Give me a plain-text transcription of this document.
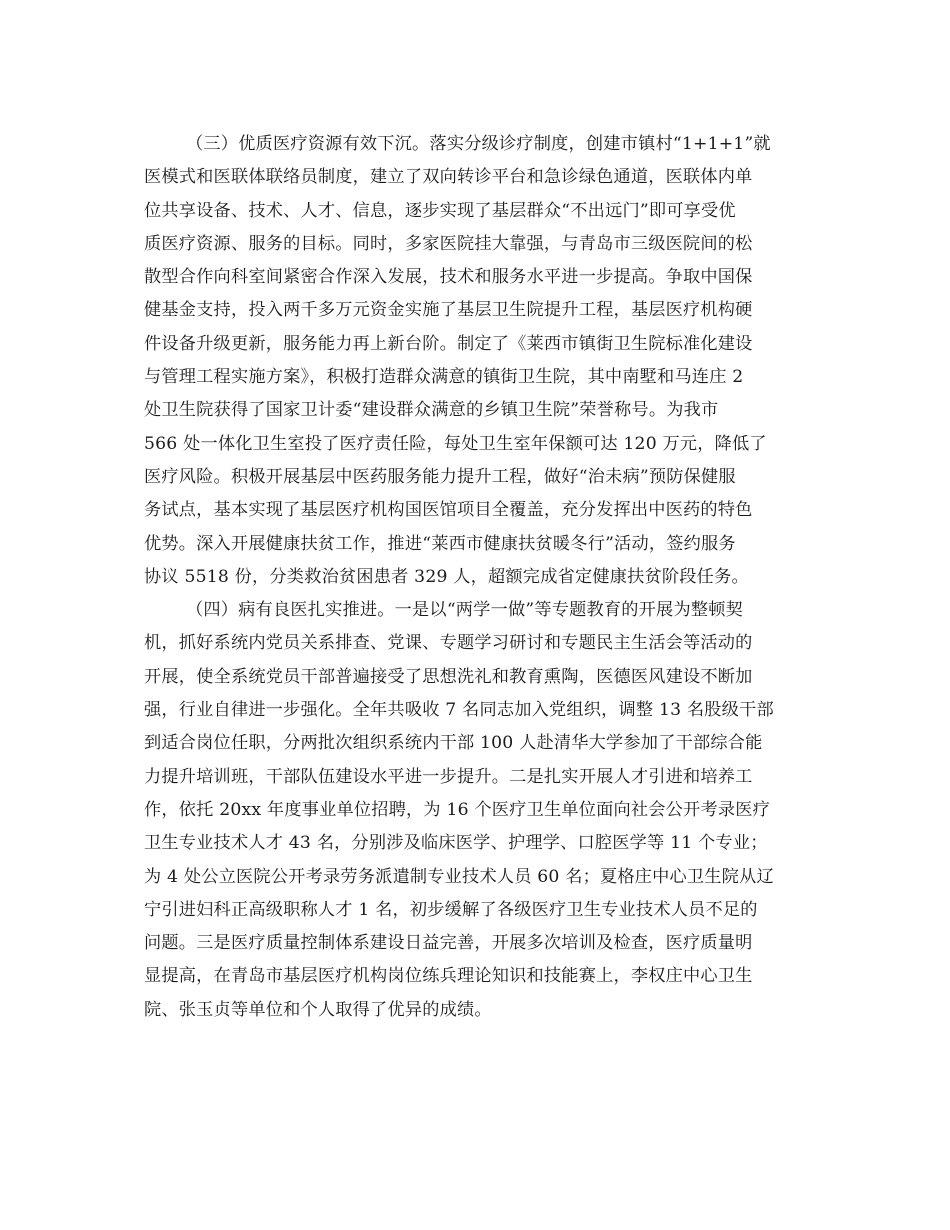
（三）优质医疗资源有效下沉。落实分级诊疗制度，创建市镇村“1+1+1”就
医模式和医联体联络员制度，建立了双向转诊平台和急诊绿色通道，医联体内单
位共享设备、技术、人才、信息，逐步实现了基层群众“不出远门”即可享受优
质医疗资源、服务的目标。同时，多家医院挂大靠强，与青岛市三级医院间的松
散型合作向科室间紧密合作深入发展，技术和服务水平进一步提高。争取中国保
健基金支持，投入两千多万元资金实施了基层卫生院提升工程，基层医疗机构硬
件设备升级更新，服务能力再上新台阶。制定了《莱西市镇街卫生院标准化建设
与管理工程实施方案》，积极打造群众满意的镇街卫生院，其中南墅和马连庄 2
处卫生院获得了国家卫计委“建设群众满意的乡镇卫生院”荣誉称号。为我市
566 处一体化卫生室投了医疗责任险，每处卫生室年保额可达 120 万元，降低了
医疗风险。积极开展基层中医药服务能力提升工程，做好“治未病”预防保健服
务试点，基本实现了基层医疗机构国医馆项目全覆盖，充分发挥出中医药的特色
优势。深入开展健康扶贫工作，推进“莱西市健康扶贫暖冬行”活动，签约服务
协议 5518 份，分类救治贫困患者 329 人，超额完成省定健康扶贫阶段任务。
（四）病有良医扎实推进。一是以“两学一做”等专题教育的开展为整顿契
机，抓好系统内党员关系排查、党课、专题学习研讨和专题民主生活会等活动的
开展，使全系统党员干部普遍接受了思想洗礼和教育熏陶，医德医风建设不断加
强，行业自律进一步强化。全年共吸收 7 名同志加入党组织，调整 13 名股级干部
到适合岗位任职，分两批次组织系统内干部 100 人赴清华大学参加了干部综合能
力提升培训班，干部队伍建设水平进一步提升。二是扎实开展人才引进和培养工
作，依托 20xx 年度事业单位招聘，为 16 个医疗卫生单位面向社会公开考录医疗
卫生专业技术人才 43 名，分别涉及临床医学、护理学、口腔医学等 11 个专业；
为 4 处公立医院公开考录劳务派遣制专业技术人员 60 名；夏格庄中心卫生院从辽
宁引进妇科正高级职称人才 1 名，初步缓解了各级医疗卫生专业技术人员不足的
问题。三是医疗质量控制体系建设日益完善，开展多次培训及检查，医疗质量明
显提高，在青岛市基层医疗机构岗位练兵理论知识和技能赛上，李权庄中心卫生
院、张玉贞等单位和个人取得了优异的成绩。
